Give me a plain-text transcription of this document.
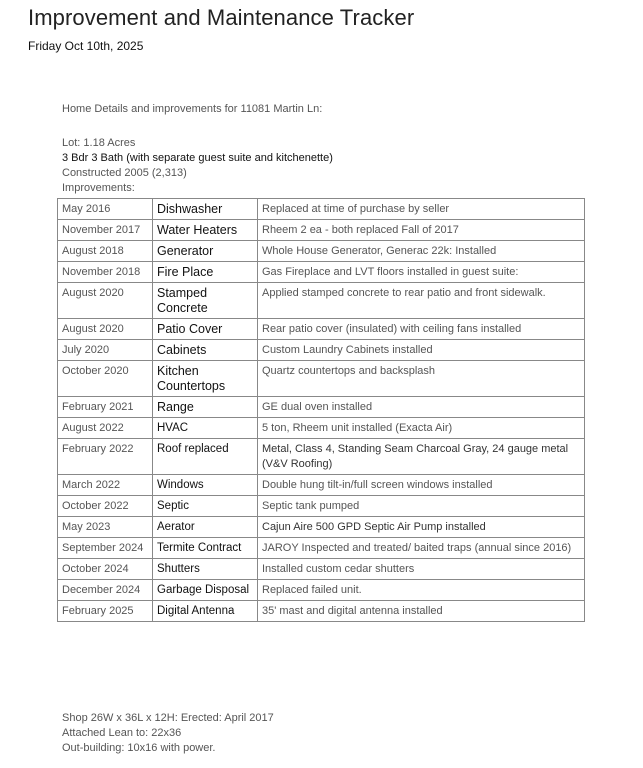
Improvement and Maintenance Tracker
Friday Oct 10th, 2025
Home Details and improvements for 11081 Martin Ln:
Lot: 1.18 Acres
3 Bdr 3 Bath (with separate guest suite and kitchenette)
Constructed 2005 (2,313)
Improvements:
May 2016	Dishwasher	Replaced at time of purchase by seller
November 2017	Water Heaters	Rheem 2 ea - both replaced Fall of 2017
August 2018	Generator	Whole House Generator, Generac 22k: Installed
November 2018	Fire Place	Gas Fireplace and LVT floors installed in guest suite:
August 2020	Stamped Concrete	Applied stamped concrete to rear patio and front sidewalk.
August 2020	Patio Cover	Rear patio cover (insulated) with ceiling fans installed
July 2020	Cabinets	Custom Laundry Cabinets installed
October 2020	Kitchen Countertops	Quartz countertops and backsplash
February 2021	Range	GE dual oven installed
August 2022	HVAC	5 ton, Rheem unit installed (Exacta Air)
February 2022	Roof replaced	Metal, Class 4, Standing Seam Charcoal Gray, 24 gauge metal (V&V Roofing)
March 2022	Windows	Double hung tilt-in/full screen windows installed
October 2022	Septic	Septic tank pumped
May 2023	Aerator	Cajun Aire 500 GPD Septic Air Pump installed
September 2024	Termite Contract	JAROY Inspected and treated/ baited traps (annual since 2016)
October 2024	Shutters	Installed custom cedar shutters
December 2024	Garbage Disposal	Replaced failed unit.
February 2025	Digital Antenna	35' mast and digital antenna installed
Shop 26W x 36L x 12H: Erected: April 2017
Attached Lean to: 22x36
Out-building: 10x16 with power.
